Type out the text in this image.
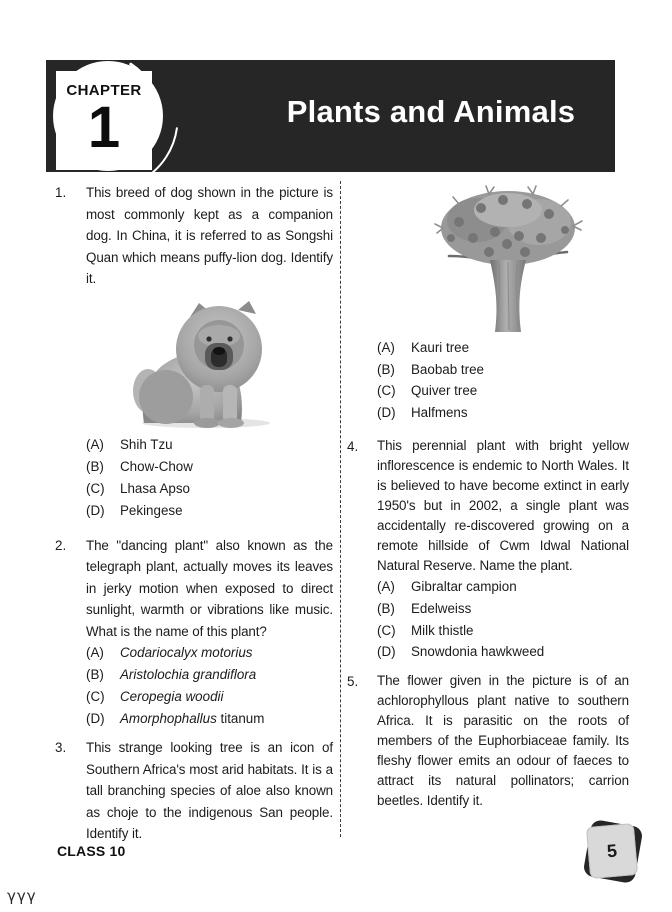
CHAPTER
1	Plants and Animals
1.	This breed of dog shown in the picture is most commonly kept as a companion dog. In China, it is referred to as Songshi Quan which means puffy-lion dog. Identify it.

(A)	Shih Tzu
(B)	Chow-Chow
(C)	Lhasa Apso
(D)	Pekingese
2.	The "dancing plant" also known as the telegraph plant, actually moves its leaves in jerky motion when exposed to direct sunlight, warmth or vibrations like music. What is the name of this plant?

(A)	Codariocalyx motorius
(B)	Aristolochia grandiflora
(C)	Ceropegia woodii
(D)	Amorphophallus titanum
3.	This strange looking tree is an icon of Southern Africa's most arid habitats. It is a tall branching species of aloe also known as choje to the indigenous San people. Identify it.

(A)	Kauri tree
(B)	Baobab tree
(C)	Quiver tree
(D)	Halfmens
4.	This perennial plant with bright yellow inflorescence is endemic to North Wales. It is believed to have become extinct in early 1950's but in 2002, a single plant was accidentally re-discovered growing on a remote hillside of Cwm Idwal National Natural Reserve. Name the plant.

(A)	Gibraltar campion
(B)	Edelweiss
(C)	Milk thistle
(D)	Snowdonia hawkweed
5.	The flower given in the picture is of an achlorophyllous plant native to southern Africa. It is parasitic on the roots of members of the Euphorbiaceae family. Its fleshy flower emits an odour of faeces to attract its natural pollinators; carrion beetles. Identify it.

CLASS 10	5
γγγ
